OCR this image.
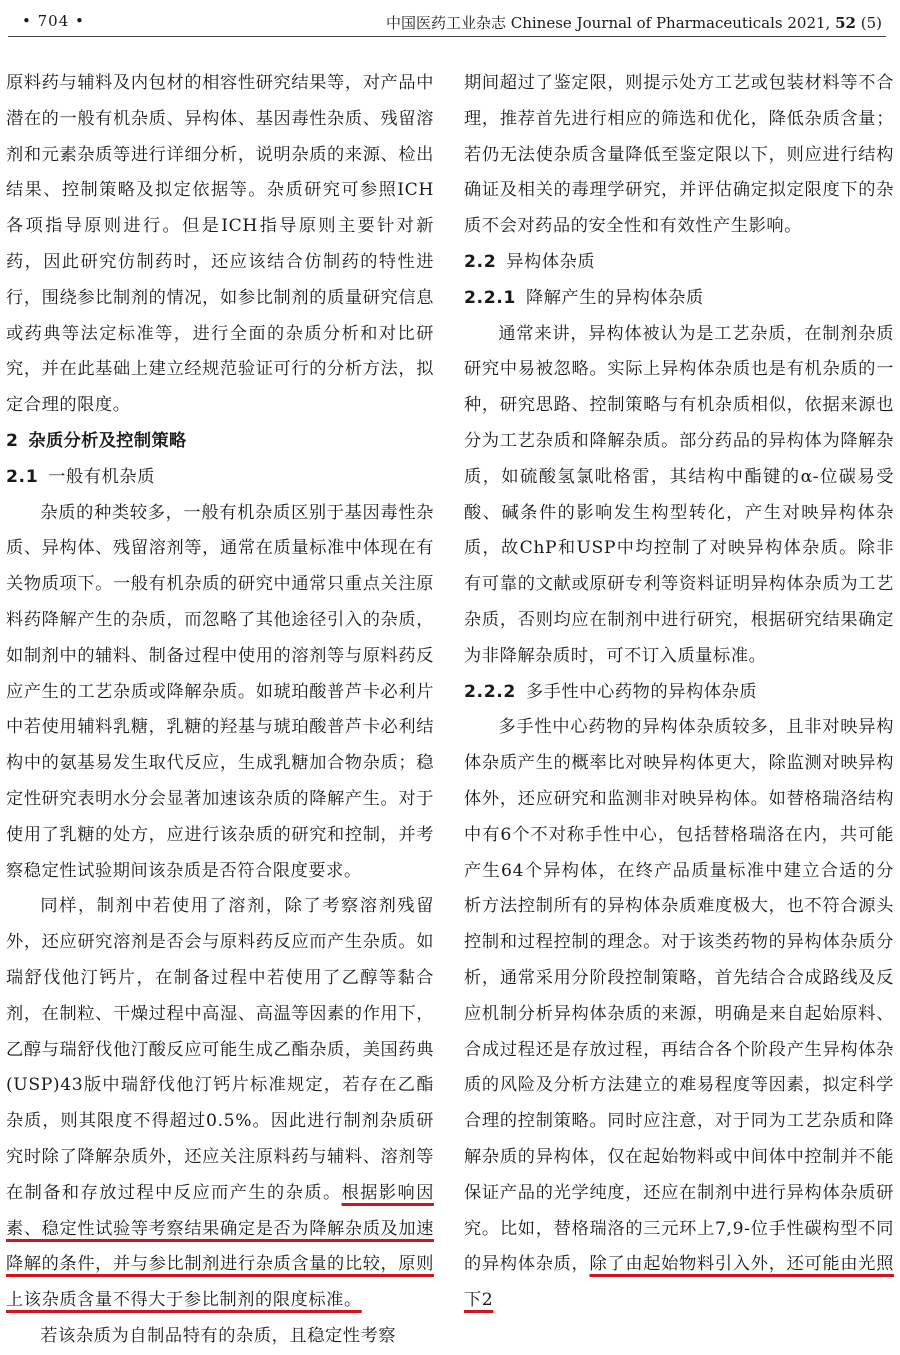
• 704 •	中国医药工业杂志 Chinese Journal of Pharmaceuticals 2021, 52 (5)

原料药与辅料及内包材的相容性研究结果等，对产品中潜在的一般有机杂质、异构体、基因毒性杂质、残留溶剂和元素杂质等进行详细分析，说明杂质的来源、检出结果、控制策略及拟定依据等。杂质研究可参照ICH各项指导原则进行。但是ICH指导原则主要针对新药，因此研究仿制药时，还应该结合仿制药的特性进行，围绕参比制剂的情况，如参比制剂的质量研究信息或药典等法定标准等，进行全面的杂质分析和对比研究，并在此基础上建立经规范验证可行的分析方法，拟定合理的限度。

2 杂质分析及控制策略
2.1 一般有机杂质

杂质的种类较多，一般有机杂质区别于基因毒性杂质、异构体、残留溶剂等，通常在质量标准中体现在有关物质项下。一般有机杂质的研究中通常只重点关注原料药降解产生的杂质，而忽略了其他途径引入的杂质，如制剂中的辅料、制备过程中使用的溶剂等与原料药反应产生的工艺杂质或降解杂质。如琥珀酸普芦卡必利片中若使用辅料乳糖，乳糖的羟基与琥珀酸普芦卡必利结构中的氨基易发生取代反应，生成乳糖加合物杂质；稳定性研究表明水分会显著加速该杂质的降解产生。对于使用了乳糖的处方，应进行该杂质的研究和控制，并考察稳定性试验期间该杂质是否符合限度要求。

同样，制剂中若使用了溶剂，除了考察溶剂残留外，还应研究溶剂是否会与原料药反应而产生杂质。如瑞舒伐他汀钙片，在制备过程中若使用了乙醇等黏合剂，在制粒、干燥过程中高湿、高温等因素的作用下，乙醇与瑞舒伐他汀酸反应可能生成乙酯杂质，美国药典(USP)43版中瑞舒伐他汀钙片标准规定，若存在乙酯杂质，则其限度不得超过0.5%。因此进行制剂杂质研究时除了降解杂质外，还应关注原料药与辅料、溶剂等在制备和存放过程中反应而产生的杂质。根据影响因素、稳定性试验等考察结果确定是否为降解杂质及加速降解的条件，并与参比制剂进行杂质含量的比较，原则上该杂质含量不得大于参比制剂的限度标准。

若该杂质为自制品特有的杂质，且稳定性考察

期间超过了鉴定限，则提示处方工艺或包装材料等不合理，推荐首先进行相应的筛选和优化，降低杂质含量；若仍无法使杂质含量降低至鉴定限以下，则应进行结构确证及相关的毒理学研究，并评估确定拟定限度下的杂质不会对药品的安全性和有效性产生影响。

2.2 异构体杂质
2.2.1 降解产生的异构体杂质

通常来讲，异构体被认为是工艺杂质，在制剂杂质研究中易被忽略。实际上异构体杂质也是有机杂质的一种，研究思路、控制策略与有机杂质相似，依据来源也分为工艺杂质和降解杂质。部分药品的异构体为降解杂质，如硫酸氢氯吡格雷，其结构中酯键的α-位碳易受酸、碱条件的影响发生构型转化，产生对映异构体杂质，故ChP和USP中均控制了对映异构体杂质。除非有可靠的文献或原研专利等资料证明异构体杂质为工艺杂质，否则均应在制剂中进行研究，根据研究结果确定为非降解杂质时，可不订入质量标准。

2.2.2 多手性中心药物的异构体杂质

多手性中心药物的异构体杂质较多，且非对映异构体杂质产生的概率比对映异构体更大，除监测对映异构体外，还应研究和监测非对映异构体。如替格瑞洛结构中有6个不对称手性中心，包括替格瑞洛在内，共可能产生64个异构体，在终产品质量标准中建立合适的分析方法控制所有的异构体杂质难度极大，也不符合源头控制和过程控制的理念。对于该类药物的异构体杂质分析，通常采用分阶段控制策略，首先结合合成路线及反应机制分析异构体杂质的来源，明确是来自起始原料、合成过程还是存放过程，再结合各个阶段产生异构体杂质的风险及分析方法建立的难易程度等因素，拟定科学合理的控制策略。同时应注意，对于同为工艺杂质和降解杂质的异构体，仅在起始物料或中间体中控制并不能保证产品的光学纯度，还应在制剂中进行异构体杂质研究。比如，替格瑞洛的三元环上7,9-位手性碳构型不同的异构体杂质，除了由起始物料引入外，还可能由光照下2
